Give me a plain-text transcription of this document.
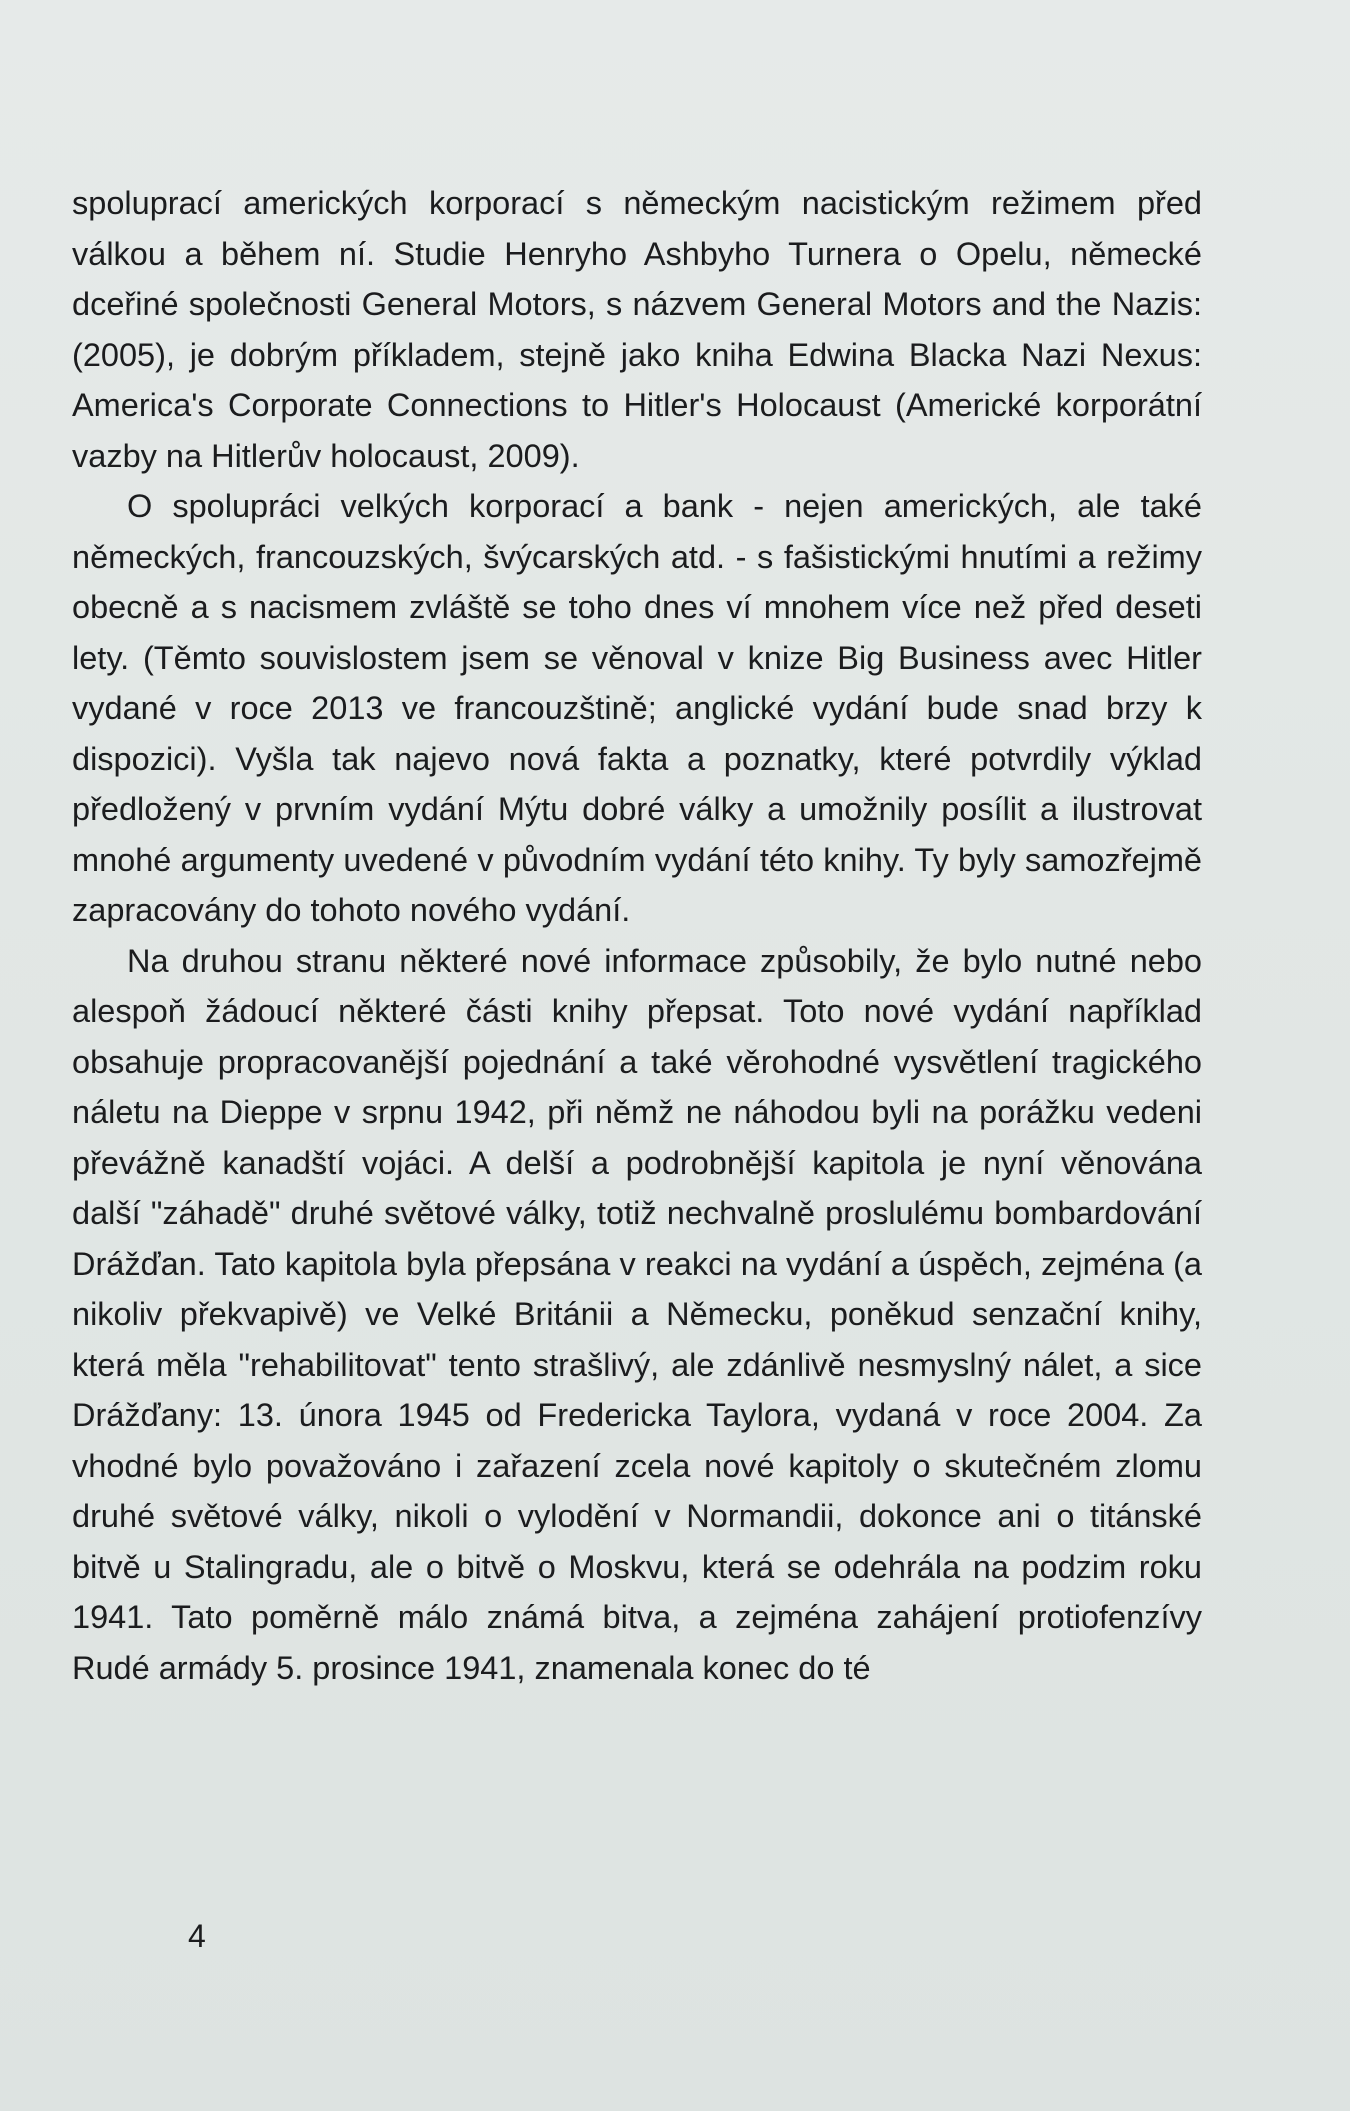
spoluprací amerických korporací s německým nacistickým režimem před válkou a během ní. Studie Henryho Ashbyho Turnera o Opelu, německé dceřiné společnosti General Motors, s názvem General Motors and the Nazis: (2005), je dobrým příkladem, stejně jako kniha Edwina Blacka Nazi Nexus: America's Corporate Connections to Hitler's Holocaust (Americké korporátní vazby na Hitlerův holocaust, 2009).

O spolupráci velkých korporací a bank - nejen amerických, ale také německých, francouzských, švýcarských atd. - s fašistickými hnutími a režimy obecně a s nacismem zvláště se toho dnes ví mnohem více než před deseti lety. (Těmto souvislostem jsem se věnoval v knize Big Business avec Hitler vydané v roce 2013 ve francouzštině; anglické vydání bude snad brzy k dispozici). Vyšla tak najevo nová fakta a poznatky, které potvrdily výklad předložený v prvním vydání Mýtu dobré války a umožnily posílit a ilustrovat mnohé argumenty uvedené v původním vydání této knihy. Ty byly samozřejmě zapracovány do tohoto nového vydání.

Na druhou stranu některé nové informace způsobily, že bylo nutné nebo alespoň žádoucí některé části knihy přepsat. Toto nové vydání například obsahuje propracovanější pojednání a také věrohodné vysvětlení tragického náletu na Dieppe v srpnu 1942, při němž ne náhodou byli na porážku vedeni převážně kanadští vojáci. A delší a podrobnější kapitola je nyní věnována další "záhadě" druhé světové války, totiž nechvalně proslulému bombardování Drážďan. Tato kapitola byla přepsána v reakci na vydání a úspěch, zejména (a nikoliv překvapivě) ve Velké Británii a Německu, poněkud senzační knihy, která měla "rehabilitovat" tento strašlivý, ale zdánlivě nesmyslný nálet, a sice Drážďany: 13. února 1945 od Fredericka Taylora, vydaná v roce 2004. Za vhodné bylo považováno i zařazení zcela nové kapitoly o skutečném zlomu druhé světové války, nikoli o vylodění v Normandii, dokonce ani o titánské bitvě u Stalingradu, ale o bitvě o Moskvu, která se odehrála na podzim roku 1941. Tato poměrně málo známá bitva, a zejména zahájení protiofenzívy Rudé armády 5. prosince 1941, znamenala konec do té

4
